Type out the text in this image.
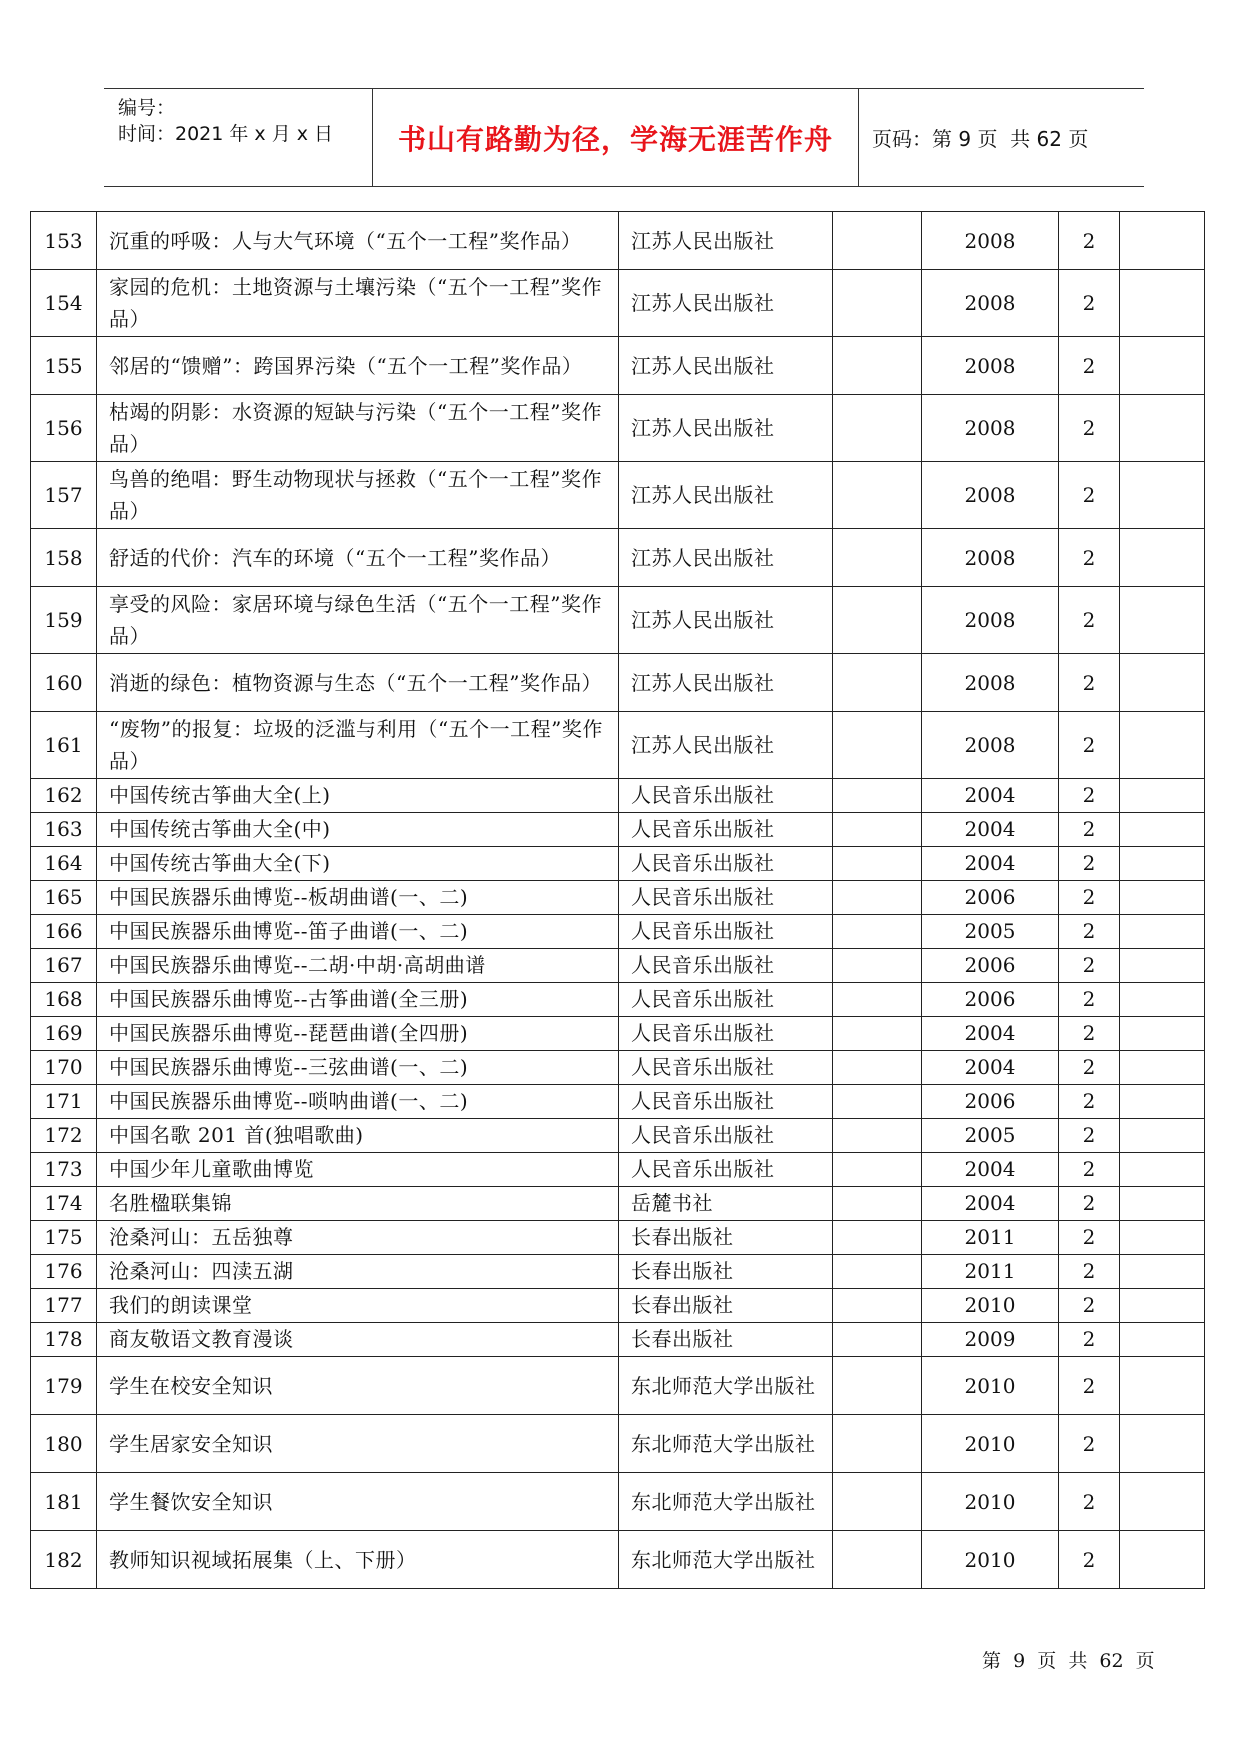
编号：
时间：2021 年 x 月 x 日	书山有路勤为径，学海无涯苦作舟	页码：第 9 页  共 62 页
153	沉重的呼吸：人与大气环境（“五个一工程”奖作品）	江苏人民出版社		2008	2	
154	家园的危机：土地资源与土壤污染（“五个一工程”奖作品）	江苏人民出版社		2008	2	
155	邻居的“馈赠”：跨国界污染（“五个一工程”奖作品）	江苏人民出版社		2008	2	
156	枯竭的阴影：水资源的短缺与污染（“五个一工程”奖作品）	江苏人民出版社		2008	2	
157	鸟兽的绝唱：野生动物现状与拯救（“五个一工程”奖作品）	江苏人民出版社		2008	2	
158	舒适的代价：汽车的环境（“五个一工程”奖作品）	江苏人民出版社		2008	2	
159	享受的风险：家居环境与绿色生活（“五个一工程”奖作品）	江苏人民出版社		2008	2	
160	消逝的绿色：植物资源与生态（“五个一工程”奖作品）	江苏人民出版社		2008	2	
161	“废物”的报复：垃圾的泛滥与利用（“五个一工程”奖作品）	江苏人民出版社		2008	2	
162	中国传统古筝曲大全(上)	人民音乐出版社		2004	2	
163	中国传统古筝曲大全(中)	人民音乐出版社		2004	2	
164	中国传统古筝曲大全(下)	人民音乐出版社		2004	2	
165	中国民族器乐曲博览--板胡曲谱(一、二)	人民音乐出版社		2006	2	
166	中国民族器乐曲博览--笛子曲谱(一、二)	人民音乐出版社		2005	2	
167	中国民族器乐曲博览--二胡·中胡·高胡曲谱	人民音乐出版社		2006	2	
168	中国民族器乐曲博览--古筝曲谱(全三册)	人民音乐出版社		2006	2	
169	中国民族器乐曲博览--琵琶曲谱(全四册)	人民音乐出版社		2004	2	
170	中国民族器乐曲博览--三弦曲谱(一、二)	人民音乐出版社		2004	2	
171	中国民族器乐曲博览--唢呐曲谱(一、二)	人民音乐出版社		2006	2	
172	中国名歌 201 首(独唱歌曲)	人民音乐出版社		2005	2	
173	中国少年儿童歌曲博览	人民音乐出版社		2004	2	
174	名胜楹联集锦	岳麓书社		2004	2	
175	沧桑河山：五岳独尊	长春出版社		2011	2	
176	沧桑河山：四渎五湖	长春出版社		2011	2	
177	我们的朗读课堂	长春出版社		2010	2	
178	商友敬语文教育漫谈	长春出版社		2009	2	
179	学生在校安全知识	东北师范大学出版社		2010	2	
180	学生居家安全知识	东北师范大学出版社		2010	2	
181	学生餐饮安全知识	东北师范大学出版社		2010	2	
182	教师知识视域拓展集（上、下册）	东北师范大学出版社		2010	2	
第  9  页  共  62  页
